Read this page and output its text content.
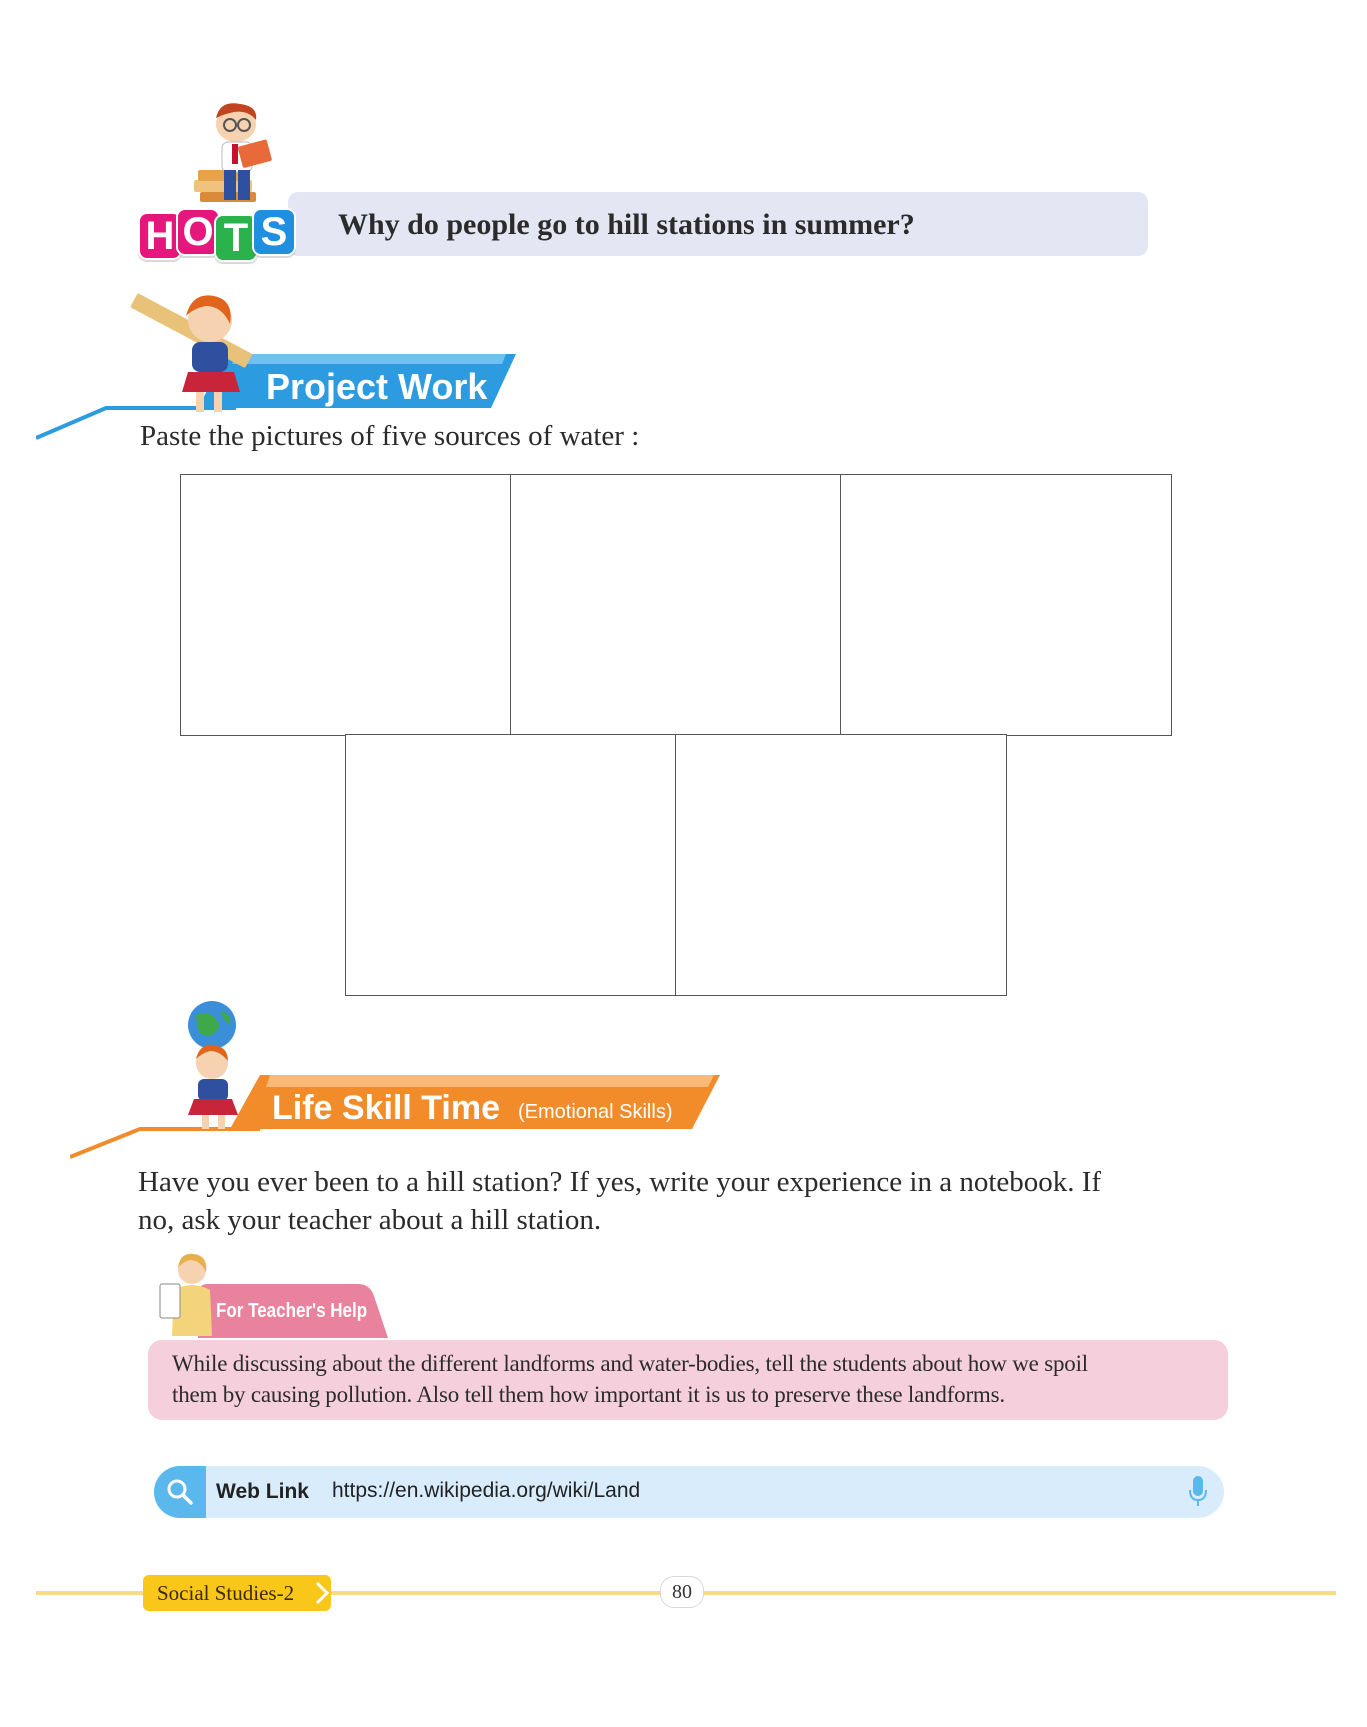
Why do people go to hill stations in summer?
H O T S
Project Work
Paste the pictures of five sources of water :
Life Skill Time (Emotional Skills)
Have you ever been to a hill station? If yes, write your experience in a notebook. If
no, ask your teacher about a hill station.
For Teacher's Help
While discussing about the different landforms and water-bodies, tell the students about how we spoil
them by causing pollution. Also tell them how important it is us to preserve these landforms.
Web Link https://en.wikipedia.org/wiki/Land
Social Studies-2	80
